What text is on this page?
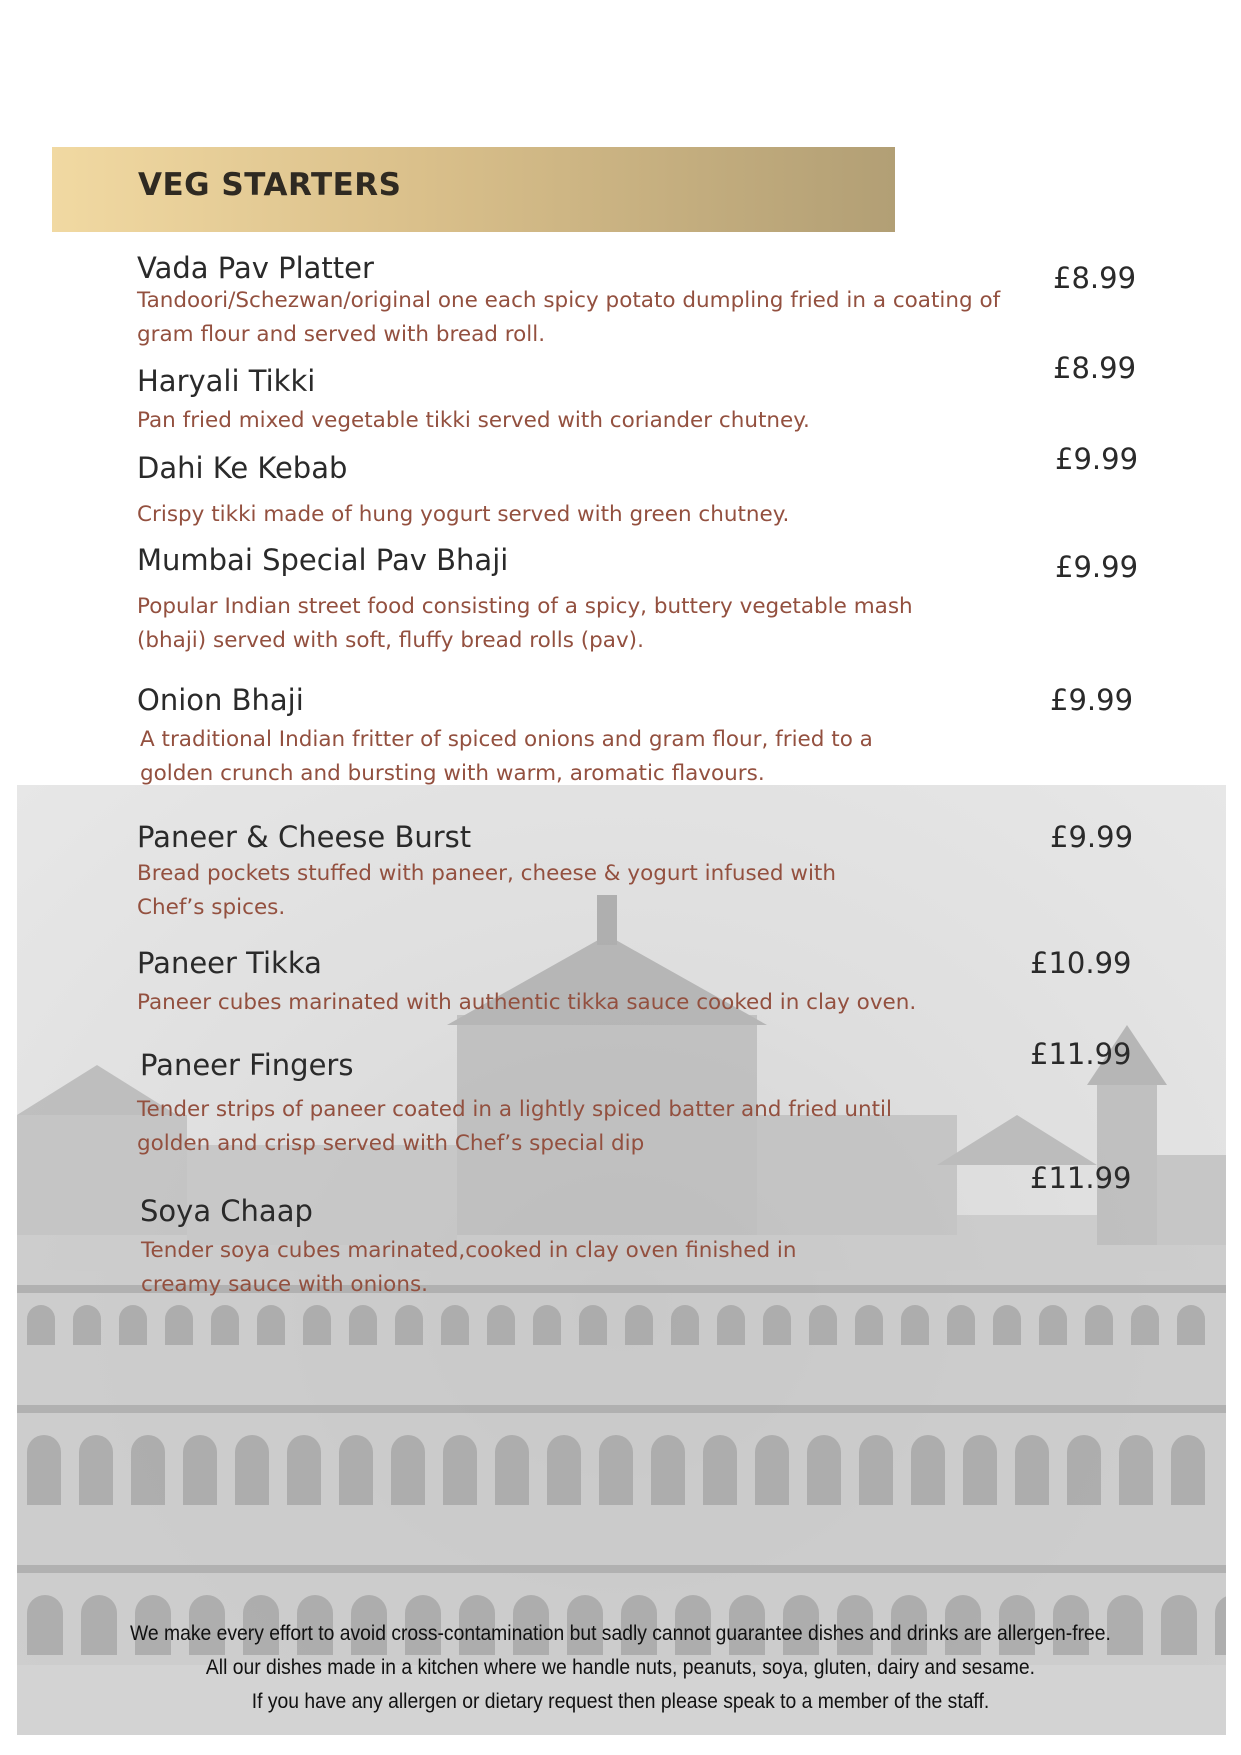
VEG STARTERS
Vada Pav Platter	£8.99
Tandoori/Schezwan/original one each spicy potato dumpling fried in a coating of gram flour and served with bread roll.
Haryali Tikki	£8.99
Pan fried mixed vegetable tikki served with coriander chutney.
Dahi Ke Kebab	£9.99
Crispy tikki made of hung yogurt served with green chutney.
Mumbai Special Pav Bhaji	£9.99
Popular Indian street food consisting of a spicy, buttery vegetable mash (bhaji) served with soft, fluffy bread rolls (pav).
Onion Bhaji	£9.99
A traditional Indian fritter of spiced onions and gram flour, fried to a golden crunch and bursting with warm, aromatic flavours.
Paneer & Cheese Burst	£9.99
Bread pockets stuffed with paneer, cheese & yogurt infused with Chef’s spices.
Paneer Tikka	£10.99
Paneer cubes marinated with authentic tikka sauce cooked in clay oven.
Paneer Fingers	£11.99
Tender strips of paneer coated in a lightly spiced batter and fried until golden and crisp served with Chef’s special dip
Soya Chaap
£11.99
Tender soya cubes marinated,cooked in clay oven finished in creamy sauce with onions.
We make every effort to avoid cross-contamination but sadly cannot guarantee dishes and drinks are allergen-free.
All our dishes made in a kitchen where we handle nuts, peanuts, soya, gluten, dairy and sesame.
If you have any allergen or dietary request then please speak to a member of the staff.
